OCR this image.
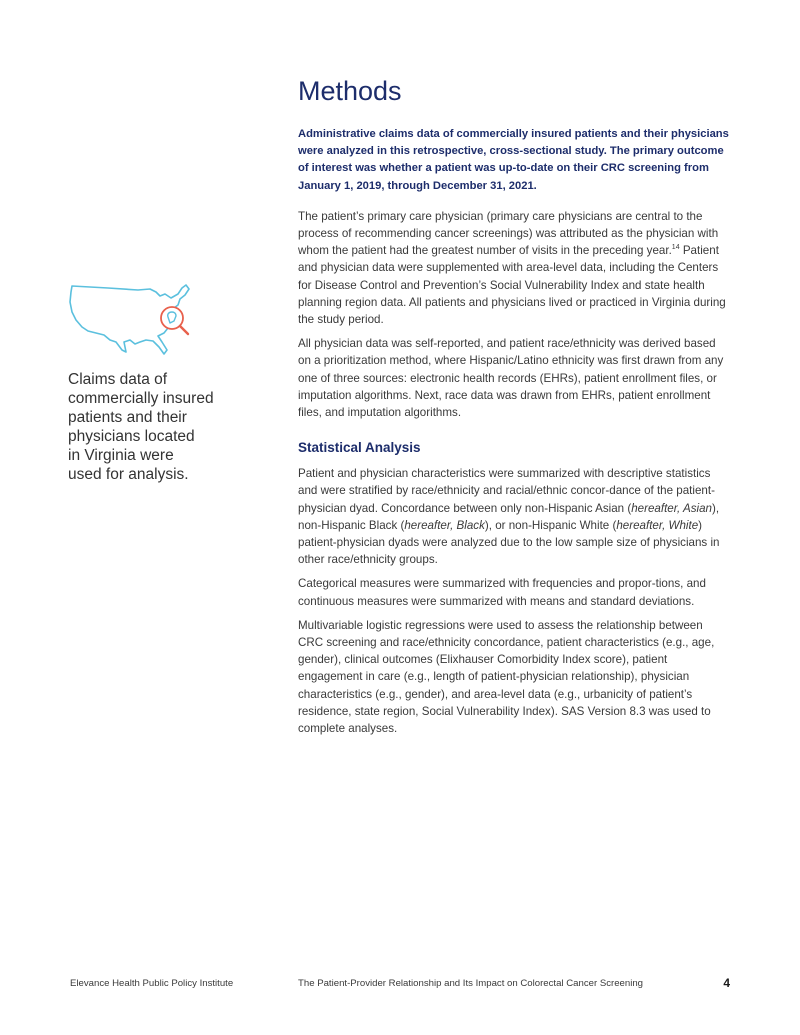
Claims data of
commercially insured
patients and their
physicians located
in Virginia were
used for analysis.
Methods

Administrative claims data of commercially insured patients and their physicians were analyzed in this retrospective, cross-sectional study. The primary outcome of interest was whether a patient was up-to-date on their CRC screening from January 1, 2019, through December 31, 2021.

The patient’s primary care physician (primary care physicians are central to the process of recommending cancer screenings) was attributed as the physician with whom the patient had the greatest number of visits in the preceding year.$^{14}$ Patient and physician data were supplemented with area-level data, including the Centers for Disease Control and Prevention’s Social Vulnerability Index and state health planning region data. All patients and physicians lived or practiced in Virginia during the study period.

All physician data was self-reported, and patient race/ethnicity was derived based on a prioritization method, where Hispanic/Latino ethnicity was first drawn from any one of three sources: electronic health records (EHRs), patient enrollment files, or imputation algorithms. Next, race data was drawn from EHRs, patient enrollment files, and imputation algorithms.

Statistical Analysis

Patient and physician characteristics were summarized with descriptive statistics and were stratified by race/ethnicity and racial/ethnic concor-dance of the patient-physician dyad. Concordance between only non-Hispanic Asian (hereafter, Asian), non-Hispanic Black (hereafter, Black), or non-Hispanic White (hereafter, White) patient-physician dyads were analyzed due to the low sample size of physicians in other race/ethnicity groups.

Categorical measures were summarized with frequencies and propor-tions, and continuous measures were summarized with means and standard deviations.

Multivariable logistic regressions were used to assess the relationship between CRC screening and race/ethnicity concordance, patient characteristics (e.g., age, gender), clinical outcomes (Elixhauser Comorbidity Index score), patient engagement in care (e.g., length of patient-physician relationship), physician characteristics (e.g., gender), and area-level data (e.g., urbanicity of patient’s residence, state region, Social Vulnerability Index). SAS Version 8.3 was used to complete analyses.

Elevance Health Public Policy Institute	The Patient-Provider Relationship and Its Impact on Colorectal Cancer Screening	4
